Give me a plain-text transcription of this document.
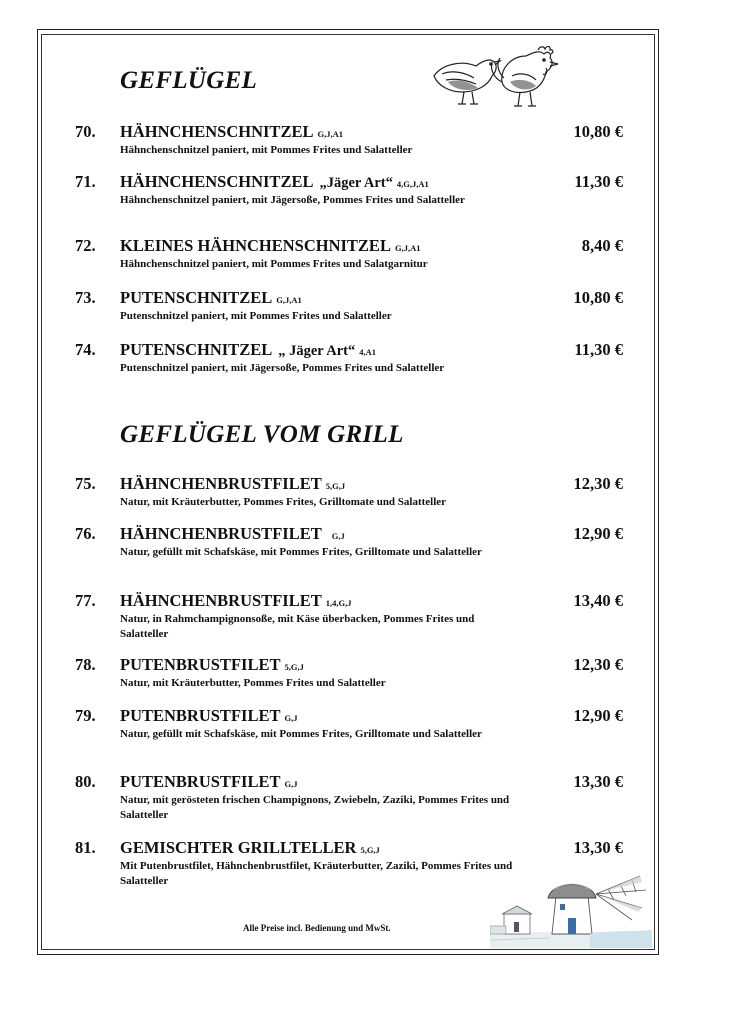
GEFLÜGEL
70. HÄHNCHENSCHNITZEL G,J,A1	10,80 €
Hähnchenschnitzel paniert, mit Pommes Frites und Salatteller
71. HÄHNCHENSCHNITZEL „Jäger Art“ 4,G,J,A1	11,30 €
Hähnchenschnitzel paniert, mit Jägersoße, Pommes Frites und Salatteller
72. KLEINES HÄHNCHENSCHNITZEL G,J,A1	8,40 €
Hähnchenschnitzel paniert, mit Pommes Frites und Salatgarnitur
73. PUTENSCHNITZEL G,J,A1	10,80 €
Putenschnitzel paniert, mit Pommes Frites und Salatteller
74. PUTENSCHNITZEL „ Jäger Art“ 4,A1	11,30 €
Putenschnitzel paniert, mit Jägersoße, Pommes Frites und Salatteller
GEFLÜGEL VOM GRILL
75. HÄHNCHENBRUSTFILET 5,G,J	12,30 €
Natur, mit Kräuterbutter, Pommes Frites, Grilltomate und Salatteller
76. HÄHNCHENBRUSTFILET G,J	12,90 €
Natur, gefüllt mit Schafskäse, mit Pommes Frites, Grilltomate und Salatteller
77. HÄHNCHENBRUSTFILET 1,4,G,J	13,40 €
Natur, in Rahmchampignonsoße, mit Käse überbacken, Pommes Frites und Salatteller
78. PUTENBRUSTFILET 5,G,J	12,30 €
Natur, mit Kräuterbutter, Pommes Frites und Salatteller
79. PUTENBRUSTFILET G,J	12,90 €
Natur, gefüllt mit Schafskäse, mit Pommes Frites, Grilltomate und Salatteller
80. PUTENBRUSTFILET G,J	13,30 €
Natur, mit gerösteten frischen Champignons, Zwiebeln, Zaziki, Pommes Frites und Salatteller
81. GEMISCHTER GRILLTELLER 5,G,J	13,30 €
Mit Putenbrustfilet, Hähnchenbrustfilet, Kräuterbutter, Zaziki, Pommes Frites und Salatteller
Alle Preise incl. Bedienung und MwSt.
